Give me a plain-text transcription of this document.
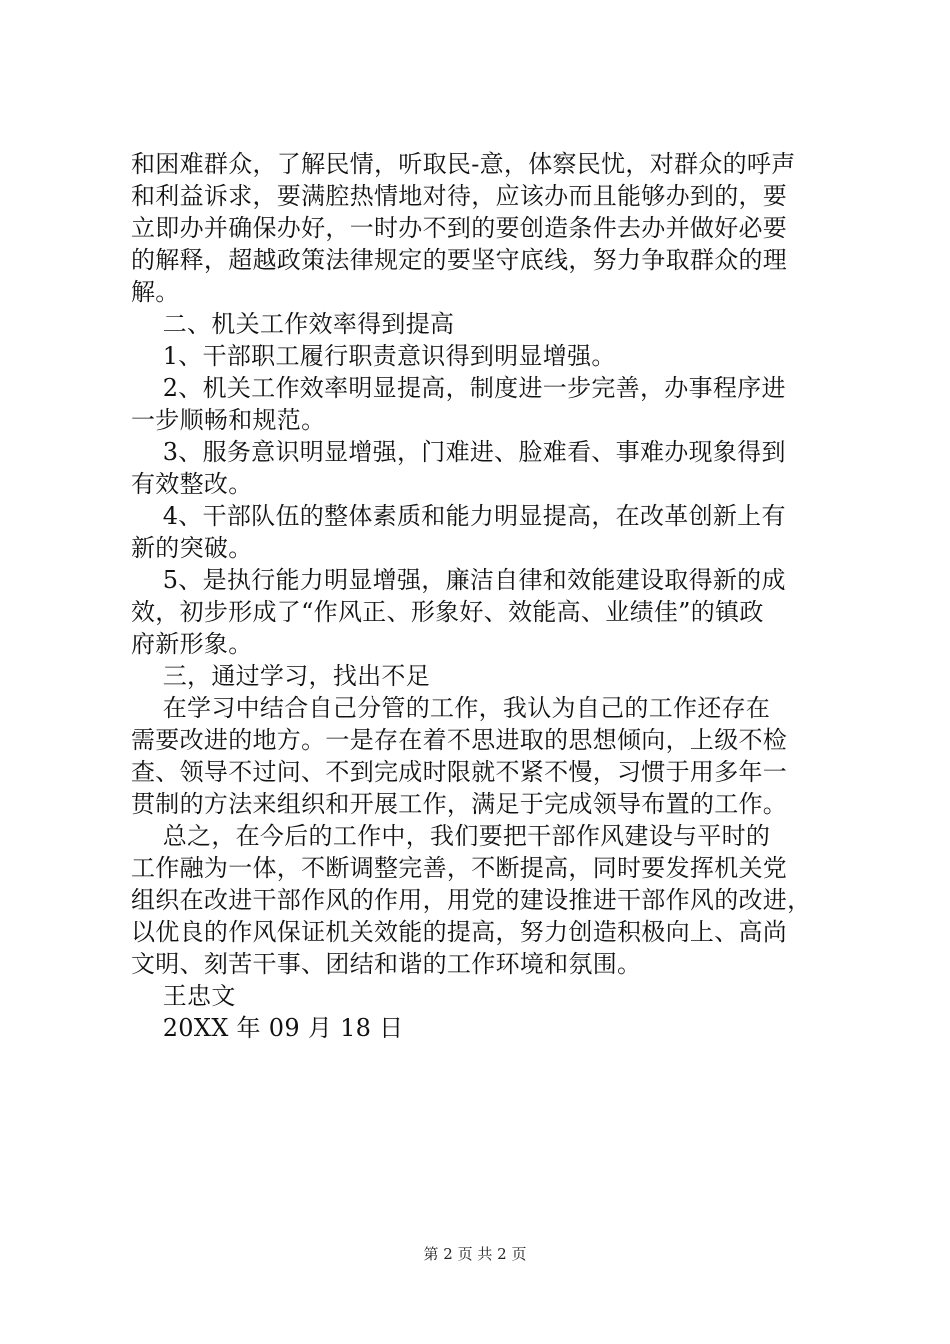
和困难群众，了解民情，听取民-意，体察民忧，对群众的呼声
和利益诉求，要满腔热情地对待，应该办而且能够办到的，要
立即办并确保办好，一时办不到的要创造条件去办并做好必要
的解释，超越政策法律规定的要坚守底线，努力争取群众的理
解。
二、机关工作效率得到提高
1、干部职工履行职责意识得到明显增强。
2、机关工作效率明显提高，制度进一步完善，办事程序进
一步顺畅和规范。
3、服务意识明显增强，门难进、脸难看、事难办现象得到
有效整改。
4、干部队伍的整体素质和能力明显提高，在改革创新上有
新的突破。
5、是执行能力明显增强，廉洁自律和效能建设取得新的成
效，初步形成了“作风正、形象好、效能高、业绩佳”的镇政
府新形象。
三，通过学习，找出不足
在学习中结合自己分管的工作，我认为自己的工作还存在
需要改进的地方。一是存在着不思进取的思想倾向，上级不检
查、领导不过问、不到完成时限就不紧不慢，习惯于用多年一
贯制的方法来组织和开展工作，满足于完成领导布置的工作。
总之，在今后的工作中，我们要把干部作风建设与平时的
工作融为一体，不断调整完善，不断提高，同时要发挥机关党
组织在改进干部作风的作用，用党的建设推进干部作风的改进，
以优良的作风保证机关效能的提高，努力创造积极向上、高尚
文明、刻苦干事、团结和谐的工作环境和氛围。
王忠文
20XX 年 09 月 18 日
第 2 页 共 2 页
